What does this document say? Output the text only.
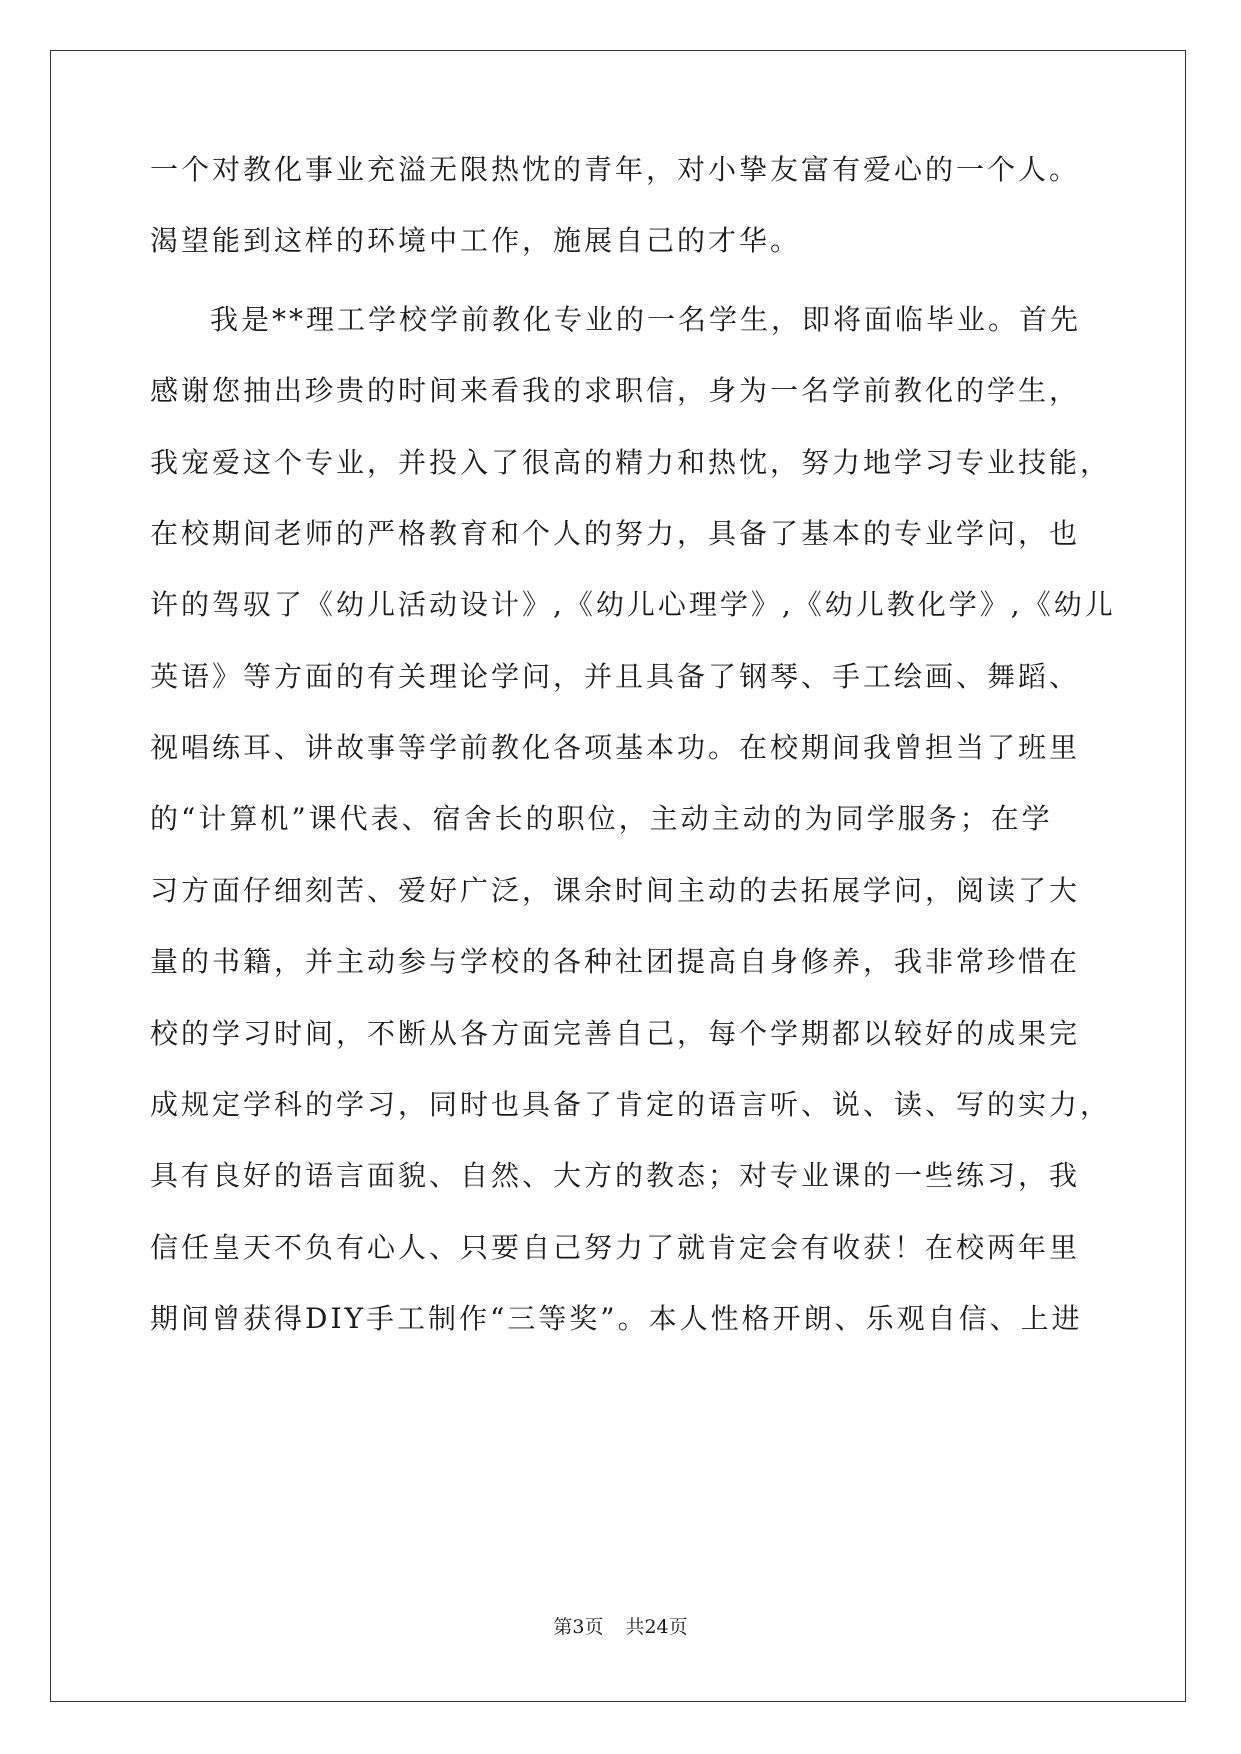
一个对教化事业充溢无限热忱的青年，对小挚友富有爱心的一个人。
渴望能到这样的环境中工作，施展自己的才华。
我是**理工学校学前教化专业的一名学生，即将面临毕业。首先
感谢您抽出珍贵的时间来看我的求职信，身为一名学前教化的学生，
我宠爱这个专业，并投入了很高的精力和热忱，努力地学习专业技能，
在校期间老师的严格教育和个人的努力，具备了基本的专业学问，也
许的驾驭了《幼儿活动设计》,《幼儿心理学》,《幼儿教化学》,《幼儿
英语》等方面的有关理论学问，并且具备了钢琴、手工绘画、舞蹈、
视唱练耳、讲故事等学前教化各项基本功。在校期间我曾担当了班里
的“计算机”课代表、宿舍长的职位，主动主动的为同学服务；在学
习方面仔细刻苦、爱好广泛，课余时间主动的去拓展学问，阅读了大
量的书籍，并主动参与学校的各种社团提高自身修养，我非常珍惜在
校的学习时间，不断从各方面完善自己，每个学期都以较好的成果完
成规定学科的学习，同时也具备了肯定的语言听、说、读、写的实力，
具有良好的语言面貌、自然、大方的教态；对专业课的一些练习，我
信任皇天不负有心人、只要自己努力了就肯定会有收获！在校两年里
期间曾获得DIY手工制作“三等奖”。本人性格开朗、乐观自信、上进
第3页 共24页
